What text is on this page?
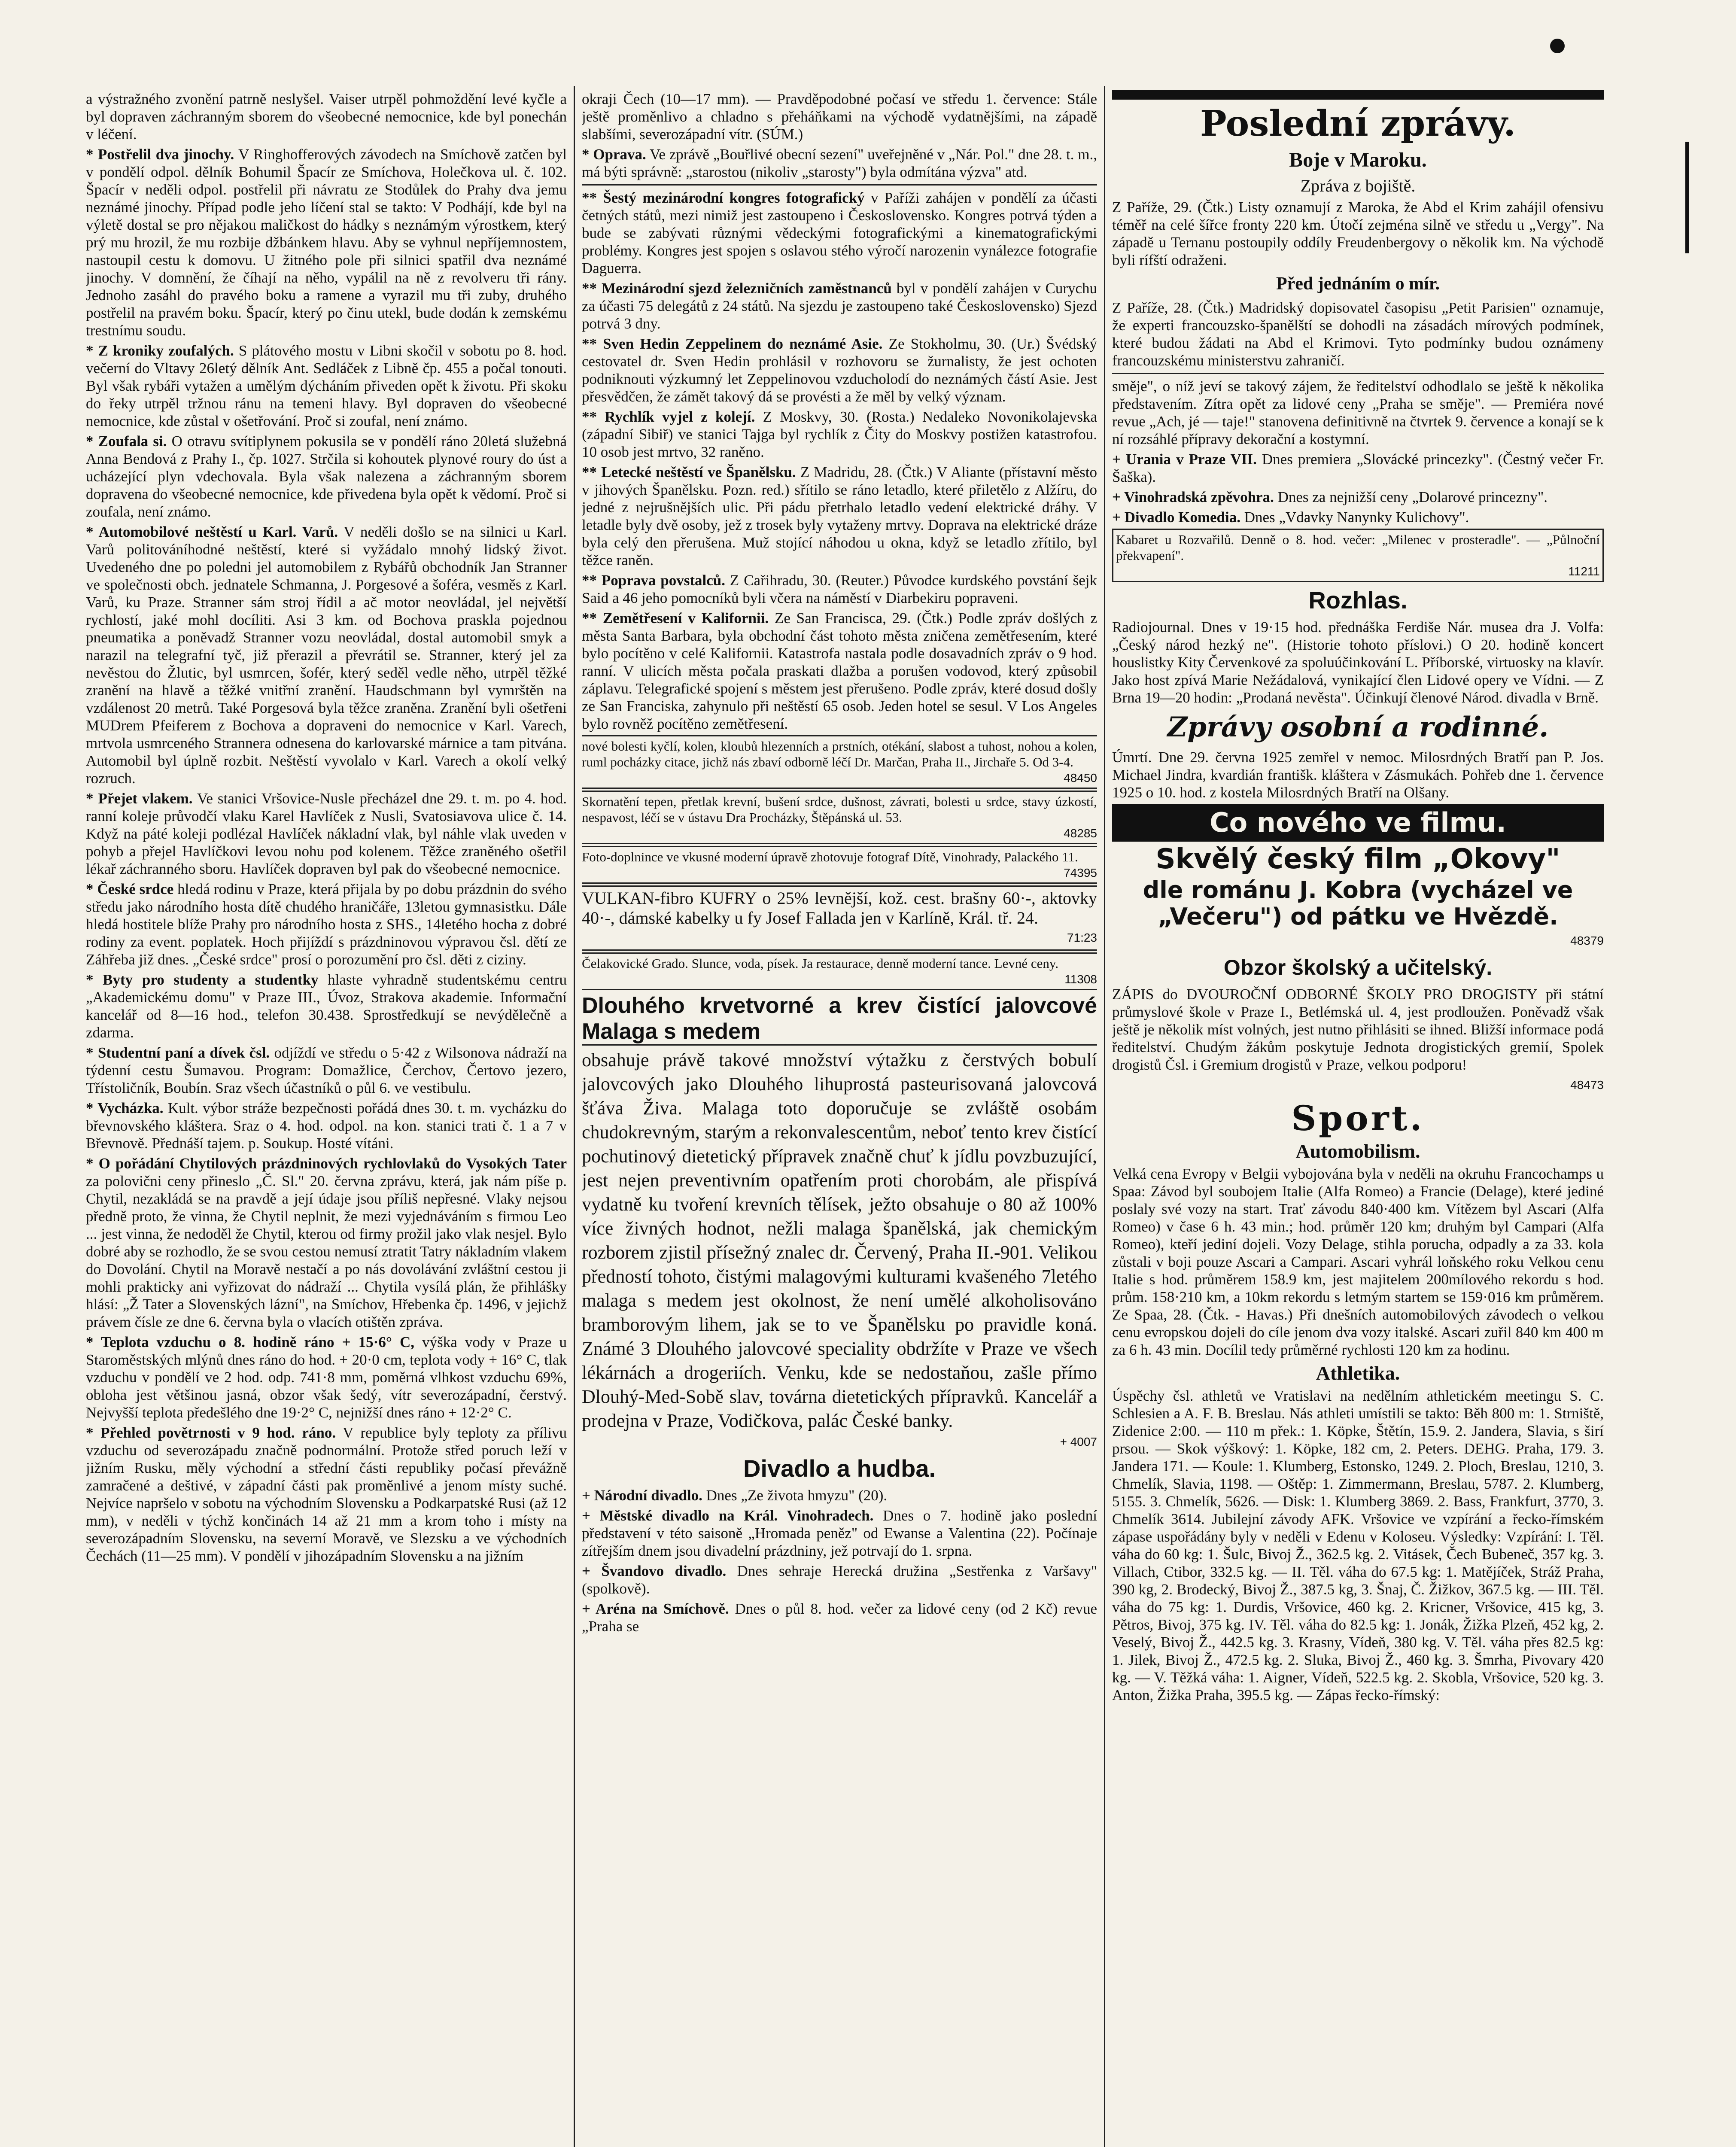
a výstražného zvonění patrně neslyšel. Vaiser utrpěl pohmoždění levé kyčle a byl dopraven záchranným sborem do všeobecné nemocnice, kde byl ponechán v léčení.

* Postřelil dva jinochy. V Ringhofferových závodech na Smíchově zatčen byl v pondělí odpol. dělník Bohumil Špacír ze Smíchova, Holečkova ul. č. 102. Špacír v neděli odpol. postřelil při návratu ze Stodůlek do Prahy dva jemu neznámé jinochy. Případ podle jeho líčení stal se takto: V Podhájí, kde byl na výletě dostal se pro nějakou maličkost do hádky s neznámým výrostkem, který prý mu hrozil, že mu rozbije džbánkem hlavu. Aby se vyhnul nepříjemnostem, nastoupil cestu k domovu. U žitného pole při silnici spatřil dva neznámé jinochy. V domnění, že číhají na něho, vypálil na ně z revolveru tři rány. Jednoho zasáhl do pravého boku a ramene a vyrazil mu tři zuby, druhého postřelil na pravém boku. Špacír, který po činu utekl, bude dodán k zemskému trestnímu soudu.

* Z kroniky zoufalých. S plátového mostu v Libni skočil v sobotu po 8. hod. večerní do Vltavy 26letý dělník Ant. Sedláček z Libně čp. 455 a počal tonouti. Byl však rybáři vytažen a umělým dýcháním přiveden opět k životu. Při skoku do řeky utrpěl tržnou ránu na temeni hlavy. Byl dopraven do všeobecné nemocnice, kde zůstal v ošetřování. Proč si zoufal, není známo.

* Zoufala si. O otravu svítiplynem pokusila se v pondělí ráno 20letá služebná Anna Bendová z Prahy I., čp. 1027. Strčila si kohoutek plynové roury do úst a ucházející plyn vdechovala. Byla však nalezena a záchranným sborem dopravena do všeobecné nemocnice, kde přivedena byla opět k vědomí. Proč si zoufala, není známo.

* Automobilové neštěstí u Karl. Varů. V neděli došlo se na silnici u Karl. Varů politováníhodné neštěstí, které si vyžádalo mnohý lidský život. Uvedeného dne po poledni jel automobilem z Rybářů obchodník Jan Stranner ve společnosti obch. jednatele Schmanna, J. Porgesové a šoféra, vesměs z Karl. Varů, ku Praze. Stranner sám stroj řídil a ač motor neovládal, jel největší rychlostí, jaké mohl docíliti. Asi 3 km. od Bochova praskla pojednou pneumatika a poněvadž Stranner vozu neovládal, dostal automobil smyk a narazil na telegrafní tyč, již přerazil a převrátil se. Stranner, který jel za nevěstou do Žlutic, byl usmrcen, šofér, který seděl vedle něho, utrpěl těžké zranění na hlavě a těžké vnitřní zranění. Haudschmann byl vymrštěn na vzdálenost 20 metrů. Také Porgesová byla těžce zraněna. Zranění byli ošetřeni MUDrem Pfeiferem z Bochova a dopraveni do nemocnice v Karl. Varech, mrtvola usmrceného Strannera odnesena do karlovarské márnice a tam pitvána. Automobil byl úplně rozbit. Neštěstí vyvolalo v Karl. Varech a okolí velký rozruch.

* Přejet vlakem. Ve stanici Vršovice-Nusle přecházel dne 29. t. m. po 4. hod. ranní koleje průvodčí vlaku Karel Havlíček z Nusli, Svatosiavova ulice č. 14. Když na páté koleji podlézal Havlíček nákladní vlak, byl náhle vlak uveden v pohyb a přejel Havlíčkovi levou nohu pod kolenem. Těžce zraněného ošetřil lékař záchranného sboru. Havlíček dopraven byl pak do všeobecné nemocnice.

* České srdce hledá rodinu v Praze, která přijala by po dobu prázdnin do svého středu jako národního hosta dítě chudého hraničáře, 13letou gymnasistku. Dále hledá hostitele blíže Prahy pro národního hosta z SHS., 14letého hocha z dobré rodiny za event. poplatek. Hoch přijíždí s prázdninovou výpravou čsl. dětí ze Záhřeba již dnes. „České srdce" prosí o porozumění pro čsl. děti z ciziny.

* Byty pro studenty a studentky hlaste vyhradně studentskému centru „Akademickému domu" v Praze III., Úvoz, Strakova akademie. Informační kancelář od 8—16 hod., telefon 30.438. Sprostředkují se nevýdělečně a zdarma.

* Studentní paní a dívek čsl. odjíždí ve středu o 5·42 z Wilsonova nádraží na týdenní cestu Šumavou. Program: Domažlice, Čerchov, Čertovo jezero, Třístoličník, Boubín. Sraz všech účastníků o půl 6. ve vestibulu.

* Vycházka. Kult. výbor stráže bezpečnosti pořádá dnes 30. t. m. vycházku do břevnovského kláštera. Sraz o 4. hod. odpol. na kon. stanici trati č. 1 a 7 v Břevnově. Přednáší tajem. p. Soukup. Hosté vítáni.

* O pořádání Chytilových prázdninových rychlovlaků do Vysokých Tater za polovični ceny přineslo „Č. Sl." 20. června zprávu, která, jak nám píše p. Chytil, nezakládá se na pravdě a její údaje jsou příliš nepřesné. Vlaky nejsou předně proto, že vinna, že Chytil neplnit, že mezi vyjednáváním s firmou Leo ... jest vinna, že nedoděl že Chytil, kterou od firmy prožil jako vlak nesjel. Bylo dobré aby se rozhodlo, že se svou cestou nemusí ztratit Tatry nákladním vlakem do Dovolání. Chytil na Moravě nestačí a po nás dovolávání zvláštní cestou ji mohli prakticky ani vyřizovat do nádraží ... Chytila vysílá plán, že přihlášky hlásí: „Ž Tater a Slovenských lázní", na Smíchov, Hřebenka čp. 1496, v jejichž právem čísle ze dne 6. června byla o vlacích otištěn zpráva.

* Teplota vzduchu o 8. hodině ráno + 15·6° C, výška vody v Praze u Staroměstských mlýnů dnes ráno do hod. + 20·0 cm, teplota vody + 16° C, tlak vzduchu v pondělí ve 2 hod. odp. 741·8 mm, poměrná vlhkost vzduchu 69%, obloha jest většinou jasná, obzor však šedý, vítr severozápadní, čerstvý. Nejvyšší teplota předešlého dne 19·2° C, nejnižší dnes ráno + 12·2° C.

* Přehled povětrnosti v 9 hod. ráno. V republice byly teploty za přílivu vzduchu od severozápadu značně podnormální. Protože střed poruch leží v jižním Rusku, měly východní a střední části republiky počasí převážně zamračené a deštivé, v západní části pak proměnlivé a jenom místy suché. Nejvíce napršelo v sobotu na východním Slovensku a Podkarpatské Rusi (až 12 mm), v neděli v týchž končinách 14 až 21 mm a krom toho i místy na severozápadním Slovensku, na severní Moravě, ve Slezsku a ve východních Čechách (11—25 mm). V pondělí v jihozápadním Slovensku a na jižním

okraji Čech (10—17 mm). — Pravděpodobné počasí ve středu 1. července: Stále ještě proměnlivo a chladno s přeháňkami na východě vydatnějšími, na západě slabšími, severozápadní vítr. (SÚM.)

* Oprava. Ve zprávě „Bouřlivé obecní sezení" uveřejněné v „Nár. Pol." dne 28. t. m., má býti správně: „starostou (nikoliv „starosty") byla odmítána výzva" atd.

** Šestý mezinárodní kongres fotografický v Paříži zahájen v pondělí za účasti četných států, mezi nimiž jest zastoupeno i Československo. Kongres potrvá týden a bude se zabývati různými vědeckými fotografickými a kinematografickými problémy. Kongres jest spojen s oslavou stého výročí narozenin vynálezce fotografie Daguerra.

** Mezinárodní sjezd železničních zaměstnanců byl v pondělí zahájen v Curychu za účasti 75 delegátů z 24 států. Na sjezdu je zastoupeno také Československo) Sjezd potrvá 3 dny.

** Sven Hedin Zeppelinem do neznámé Asie. Ze Stokholmu, 30. (Ur.) Švédský cestovatel dr. Sven Hedin prohlásil v rozhovoru se žurnalisty, že jest ochoten podniknouti výzkumný let Zeppelinovou vzducholodí do neznámých částí Asie. Jest přesvědčen, že zámět takový dá se provésti a že měl by velký význam.

** Rychlík vyjel z kolejí. Z Moskvy, 30. (Rosta.) Nedaleko Novonikolajevska (západní Sibiř) ve stanici Tajga byl rychlík z Čity do Moskvy postižen katastrofou. 10 osob jest mrtvo, 32 raněno.

** Letecké neštěstí ve Španělsku. Z Madridu, 28. (Čtk.) V Aliante (přístavní město v jihových Španělsku. Pozn. red.) sřítilo se ráno letadlo, které přiletělo z Alžíru, do jedné z nejrušnějších ulic. Při pádu přetrhalo letadlo vedení elektrické dráhy. V letadle byly dvě osoby, jež z trosek byly vytaženy mrtvy. Doprava na elektrické dráze byla celý den přerušena. Muž stojící náhodou u okna, když se letadlo zřítilo, byl těžce raněn.

** Poprava povstalců. Z Cařihradu, 30. (Reuter.) Původce kurdského povstání šejk Said a 46 jeho pomocníků byli včera na náměstí v Diarbekiru popraveni.

** Zemětřesení v Kalifornii. Ze San Francisca, 29. (Čtk.) Podle zpráv došlých z města Santa Barbara, byla obchodní část tohoto města zničena zemětřesením, které bylo pocítěno v celé Kalifornii. Katastrofa nastala podle dosavadních zpráv o 9 hod. ranní. V ulicích města počala praskati dlažba a porušen vodovod, který způsobil záplavu. Telegrafické spojení s městem jest přerušeno. Podle zpráv, které dosud došly ze San Franciska, zahynulo při neštěstí 65 osob. Jeden hotel se sesul. V Los Angeles bylo rovněž pocítěno zemětřesení.

nové bolesti kyčlí, kolen, kloubů hlezenních a prstních, otékání, slabost a tuhost, nohou a kolen, ruml pocházky citace, jichž nás zbaví odborně léčí Dr. Marčan, Praha II., Jirchaře 5. Od 3-4.
48450
Skornatění tepen, přetlak krevní, bušení srdce, dušnost, závrati, bolesti u srdce, stavy úzkostí, nespavost, léčí se v ústavu Dra Procházky, Štěpánská ul. 53.
48285
Foto-doplnince ve vkusné moderní úpravě zhotovuje fotograf Dítě, Vinohrady, Palackého 11.
74395
VULKAN-fibro KUFRY o 25% levnější, kož. cest. brašny 60·-, aktovky 40·-, dámské kabelky u fy Josef Fallada jen v Karlíně, Král. tř. 24.
71:23
Čelakovické Grado. Slunce, voda, písek. Ja restaurace, denně moderní tance. Levné ceny.
11308
Dlouhého krvetvorné a krev čistící jalovcové Malaga s medem
obsahuje právě takové množství výtažku z čerstvých bobulí jalovcových jako Dlouhého lihuprostá pasteurisovaná jalovcová šťáva Živa. Malaga toto doporučuje se zvláště osobám chudokrevným, starým a rekonvalescentům, neboť tento krev čistící pochutinový dietetický přípravek značně chuť k jídlu povzbuzující, jest nejen preventivním opatřením proti chorobám, ale přispívá vydatně ku tvoření krevních tělísek, ježto obsahuje o 80 až 100% více živných hodnot, nežli malaga španělská, jak chemickým rozborem zjistil přísežný znalec dr. Červený, Praha II.-901. Velikou předností tohoto, čistými malagovými kulturami kvašeného 7letého malaga s medem jest okolnost, že není umělé alkoholisováno bramborovým lihem, jak se to ve Španělsku po pravidle koná. Známé 3 Dlouhého jalovcové speciality obdržíte v Praze ve všech lékárnách a drogeriích. Venku, kde se nedostaňou, zašle přímo Dlouhý-Med-Sobě slav, továrna dietetických přípravků. Kancelář a prodejna v Praze, Vodičkova, palác České banky.
+ 4007
Divadlo a hudba.

+ Národní divadlo. Dnes „Ze života hmyzu" (20).

+ Městské divadlo na Král. Vinohradech. Dnes o 7. hodině jako poslední představení v této saisoně „Hromada peněz" od Ewanse a Valentina (22). Počínaje zítřejším dnem jsou divadelní prázdniny, jež potrvají do 1. srpna.

+ Švandovo divadlo. Dnes sehraje Herecká družina „Sestřenka z Varšavy" (spolkově).

+ Aréna na Smíchově. Dnes o půl 8. hod. večer za lidové ceny (od 2 Kč) revue „Praha se

Poslední zprávy.
Boje v Maroku.
Zpráva z bojiště.

Z Paříže, 29. (Čtk.) Listy oznamují z Maroka, že Abd el Krim zahájil ofensivu téměř na celé šířce fronty 220 km. Útočí zejména silně ve středu u „Vergy". Na západě u Ternanu postoupily oddíly Freudenbergovy o několik km. Na východě byli rífští odraženi.

Před jednáním o mír.

Z Paříže, 28. (Čtk.) Madridský dopisovatel časopisu „Petit Parisien" oznamuje, že experti francouzsko-španělští se dohodli na zásadách mírových podmínek, které budou žádati na Abd el Krimovi. Tyto podmínky budou oznámeny francouzskému ministerstvu zahraničí.

směje", o níž jeví se takový zájem, že ředitelství odhodlalo se ještě k několika představením. Zítra opět za lidové ceny „Praha se směje". — Premiéra nové revue „Ach, jé — taje!" stanovena definitivně na čtvrtek 9. července a konají se k ní rozsáhlé přípravy dekorační a kostymní.

+ Urania v Praze VII. Dnes premiera „Slovácké princezky". (Čestný večer Fr. Šaška).

+ Vinohradská zpěvohra. Dnes za nejnižší ceny „Dolarové princezny".

+ Divadlo Komedia. Dnes „Vdavky Nanynky Kulichovy".

Kabaret u Rozvařilů. Denně o 8. hod. večer: „Milenec v prosteradle". — „Půlnoční překvapení".
11211
Rozhlas.

Radiojournal. Dnes v 19·15 hod. přednáška Ferdiše Nár. musea dra J. Volfa: „Český národ hezký ne". (Historie tohoto příslovi.) O 20. hodině koncert houslistky Kity Červenkové za spoluúčinkování L. Příborské, virtuosky na klavír. Jako host zpívá Marie Nežádalová, vynikající člen Lidové opery ve Vídni. — Z Brna 19—20 hodin: „Prodaná nevěsta". Účinkují členové Národ. divadla v Brně.

Zprávy osobní a rodinné.

Úmrtí. Dne 29. června 1925 zemřel v nemoc. Milosrdných Bratří pan P. Jos. Michael Jindra, kvardián františk. kláštera v Zásmukách. Pohřeb dne 1. července 1925 o 10. hod. z kostela Milosrdných Bratří na Olšany.

Co nového ve filmu.
Skvělý český film „Okovy"
dle románu J. Kobra (vycházel ve „Večeru") od pátku ve Hvězdě.
48379
Obzor školský a učitelský.

ZÁPIS do DVOUROČNÍ ODBORNÉ ŠKOLY PRO DROGISTY při státní průmyslové škole v Praze I., Betlémská ul. 4, jest prodloužen. Poněvadž však ještě je několik míst volných, jest nutno přihlásiti se ihned. Bližší informace podá ředitelství. Chudým žákům poskytuje Jednota drogistických gremií, Spolek drogistů Čsl. i Gremium drogistů v Praze, velkou podporu!

48473
Sport.
Automobilism.

Velká cena Evropy v Belgii vybojována byla v neděli na okruhu Francochamps u Spaa: Závod byl soubojem Italie (Alfa Romeo) a Francie (Delage), které jediné poslaly své vozy na start. Trať závodu 840·400 km. Vítězem byl Ascari (Alfa Romeo) v čase 6 h. 43 min.; hod. průměr 120 km; druhým byl Campari (Alfa Romeo), kteří jediní dojeli. Vozy Delage, stihla porucha, odpadly a za 33. kola zůstali v boji pouze Ascari a Campari. Ascari vyhrál loňského roku Velkou cenu Italie s hod. průměrem 158.9 km, jest majitelem 200mílového rekordu s hod. prům. 158·210 km, a 10km rekordu s letmým startem se 159·016 km průměrem. Ze Spaa, 28. (Čtk. - Havas.) Při dnešních automobilových závodech o velkou cenu evropskou dojeli do cíle jenom dva vozy italské. Ascari zuřil 840 km 400 m za 6 h. 43 min. Docílil tedy průměrné rychlosti 120 km za hodinu.

Athletika.

Úspěchy čsl. athletů ve Vratislavi na nedělním athletickém meetingu S. C. Schlesien a A. F. B. Breslau. Nás athleti umístili se takto: Běh 800 m: 1. Strniště, Zidenice 2:00. — 110 m přek.: 1. Köpke, Štětín, 15.9. 2. Jandera, Slavia, s širí prsou. — Skok výškový: 1. Köpke, 182 cm, 2. Peters. DEHG. Praha, 179. 3. Jandera 171. — Koule: 1. Klumberg, Estonsko, 1249. 2. Ploch, Breslau, 1210, 3. Chmelík, Slavia, 1198. — Oštěp: 1. Zimmermann, Breslau, 5787. 2. Klumberg, 5155. 3. Chmelík, 5626. — Disk: 1. Klumberg 3869. 2. Bass, Frankfurt, 3770, 3. Chmelík 3614. Jubilejní závody AFK. Vršovice ve vzpírání a řecko-římském zápase uspořádány byly v neděli v Edenu v Koloseu. Výsledky: Vzpírání: I. Těl. váha do 60 kg: 1. Šulc, Bivoj Ž., 362.5 kg. 2. Vitásek, Čech Bubeneč, 357 kg. 3. Villach, Ctibor, 332.5 kg. — II. Těl. váha do 67.5 kg: 1. Matějíček, Stráž Praha, 390 kg, 2. Brodecký, Bivoj Ž., 387.5 kg, 3. Šnaj, Č. Žižkov, 367.5 kg. — III. Těl. váha do 75 kg: 1. Durdis, Vršovice, 460 kg. 2. Kricner, Vršovice, 415 kg, 3. Pětros, Bivoj, 375 kg. IV. Těl. váha do 82.5 kg: 1. Jonák, Žižka Plzeň, 452 kg, 2. Veselý, Bivoj Ž., 442.5 kg. 3. Krasny, Vídeň, 380 kg. V. Těl. váha přes 82.5 kg: 1. Jilek, Bivoj Ž., 472.5 kg. 2. Sluka, Bivoj Ž., 460 kg. 3. Šmrha, Pivovary 420 kg. — V. Těžká váha: 1. Aigner, Vídeň, 522.5 kg. 2. Skobla, Vršovice, 520 kg. 3. Anton, Žižka Praha, 395.5 kg. — Zápas řecko-římský:
